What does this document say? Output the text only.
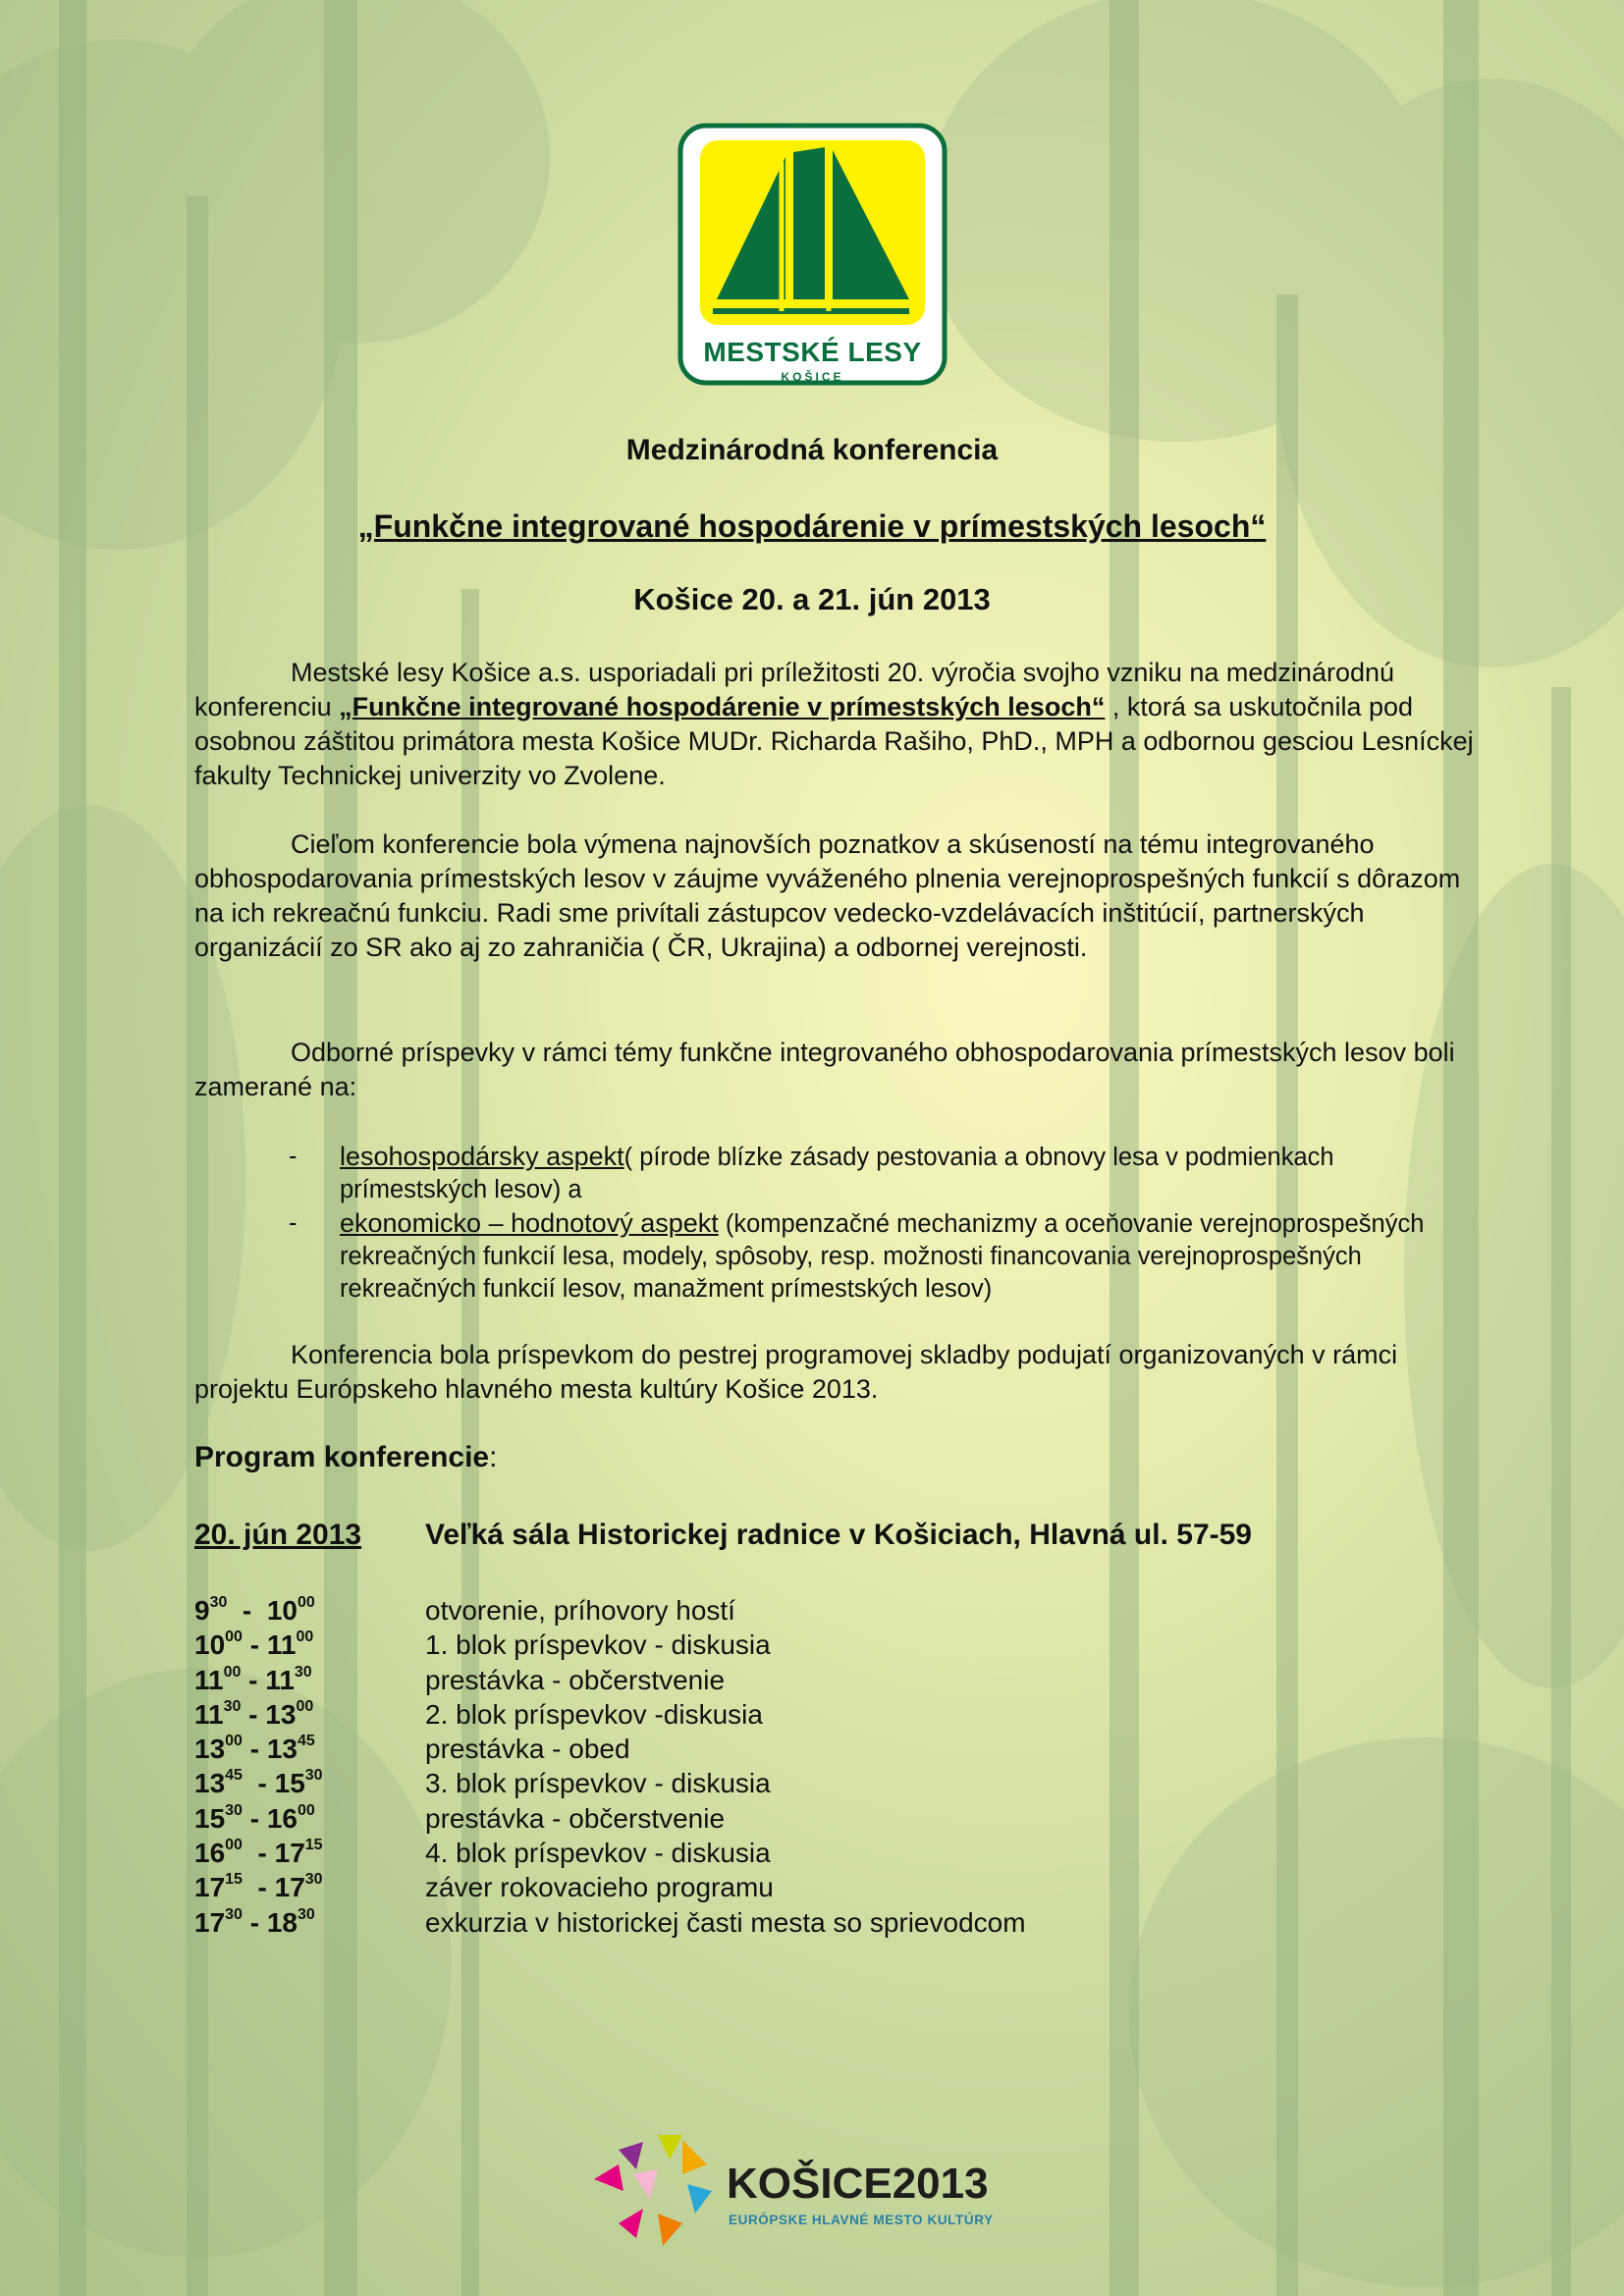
MESTSKÉ LESY
KOŠICE
Medzinárodná konferencia
„Funkčne integrované hospodárenie v prímestských lesoch“
Košice 20. a 21. jún 2013

Mestské lesy Košice a.s. usporiadali pri príležitosti 20. výročia svojho vzniku na medzinárodnú konferenciu „Funkčne integrované hospodárenie v prímestských lesoch“ , ktorá sa uskutočnila pod osobnou záštitou primátora mesta Košice MUDr. Richarda Rašiho, PhD., MPH a odbornou gesciou Lesníckej fakulty Technickej univerzity vo Zvolene.

Cieľom konferencie bola výmena najnovších poznatkov a skúseností na tému integrovaného obhospodarovania prímestských lesov v záujme vyváženého plnenia verejnoprospešných funkcií s dôrazom na ich rekreačnú funkciu. Radi sme privítali zástupcov vedecko-vzdelávacích inštitúcií, partnerských organizácií zo SR ako aj zo zahraničia ( ČR, Ukrajina) a odbornej verejnosti.

Odborné príspevky v rámci témy funkčne integrovaného obhospodarovania prímestských lesov boli zamerané na:

- lesohospodársky aspekt( pírode blízke zásady pestovania a obnovy lesa v podmienkach prímestských lesov) a
- ekonomicko – hodnotový aspekt (kompenzačné mechanizmy a oceňovanie verejnoprospešných rekreačných funkcií lesa, modely, spôsoby, resp. možnosti financovania verejnoprospešných rekreačných funkcií lesov, manažment prímestských lesov)

Konferencia bola príspevkom do pestrej programovej skladby podujatí organizovaných v rámci projektu Európskeho hlavného mesta kultúry Košice 2013.

Program konferencie:
20. jún 2013	Veľká sála Historickej radnice v Košiciach, Hlavná ul. 57-59
$9^{30} - 10^{00}$	otvorenie, príhovory hostí
$10^{00} - 11^{00}$	1. blok príspevkov - diskusia
$11^{00} - 11^{30}$	prestávka - občerstvenie
$11^{30} - 13^{00}$	2. blok príspevkov -diskusia
$13^{00} - 13^{45}$	prestávka - obed
$13^{45} - 15^{30}$	3. blok príspevkov - diskusia
$15^{30} - 16^{00}$	prestávka - občerstvenie
$16^{00} - 17^{15}$	4. blok príspevkov - diskusia
$17^{15} - 17^{30}$	záver rokovacieho programu
$17^{30} - 18^{30}$	exkurzia v historickej časti mesta so sprievodcom
KOŠICE2013
EURÓPSKE HLAVNÉ MESTO KULTÚRY
